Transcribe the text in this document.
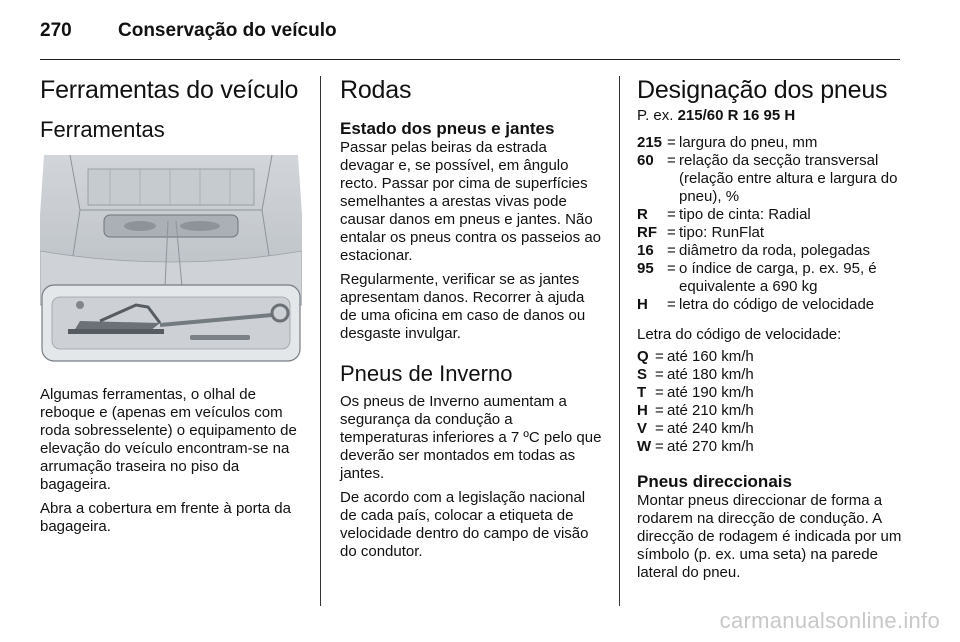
270 Conservação do veículo
Ferramentas do veículo
Ferramentas

Algumas ferramentas, o olhal de reboque e (apenas em veículos com roda sobresselente) o equipamento de elevação do veículo encontram-se na arrumação traseira no piso da bagageira.

Abra a cobertura em frente à porta da bagageira.

Rodas
Estado dos pneus e jantes

Passar pelas beiras da estrada devagar e, se possível, em ângulo recto. Passar por cima de superfícies semelhantes a arestas vivas pode causar danos em pneus e jantes. Não entalar os pneus contra os passeios ao estacionar.

Regularmente, verificar se as jantes apresentam danos. Recorrer à ajuda de uma oficina em caso de danos ou desgaste invulgar.

Pneus de Inverno

Os pneus de Inverno aumentam a segurança da condução a temperaturas inferiores a 7 ºC pelo que deverão ser montados em todas as jantes.

De acordo com a legislação nacional de cada país, colocar a etiqueta de velocidade dentro do campo de visão do condutor.

Designação dos pneus
P. ex. 215/60 R 16 95 H
215	=	largura do pneu, mm
60	=	relação da secção transversal (relação entre altura e largura do pneu), %
R	=	tipo de cinta: Radial
RF	=	tipo: RunFlat
16	=	diâmetro da roda, polegadas
95	=	o índice de carga, p. ex. 95, é equivalente a 690 kg
H	=	letra do código de velocidade

Letra do código de velocidade:

Q	=	até 160 km/h
S	=	até 180 km/h
T	=	até 190 km/h
H	=	até 210 km/h
V	=	até 240 km/h
W	=	até 270 km/h
Pneus direccionais

Montar pneus direccionar de forma a rodarem na direcção de condução. A direcção de rodagem é indicada por um símbolo (p. ex. uma seta) na parede lateral do pneu.

carmanualsonline.info
